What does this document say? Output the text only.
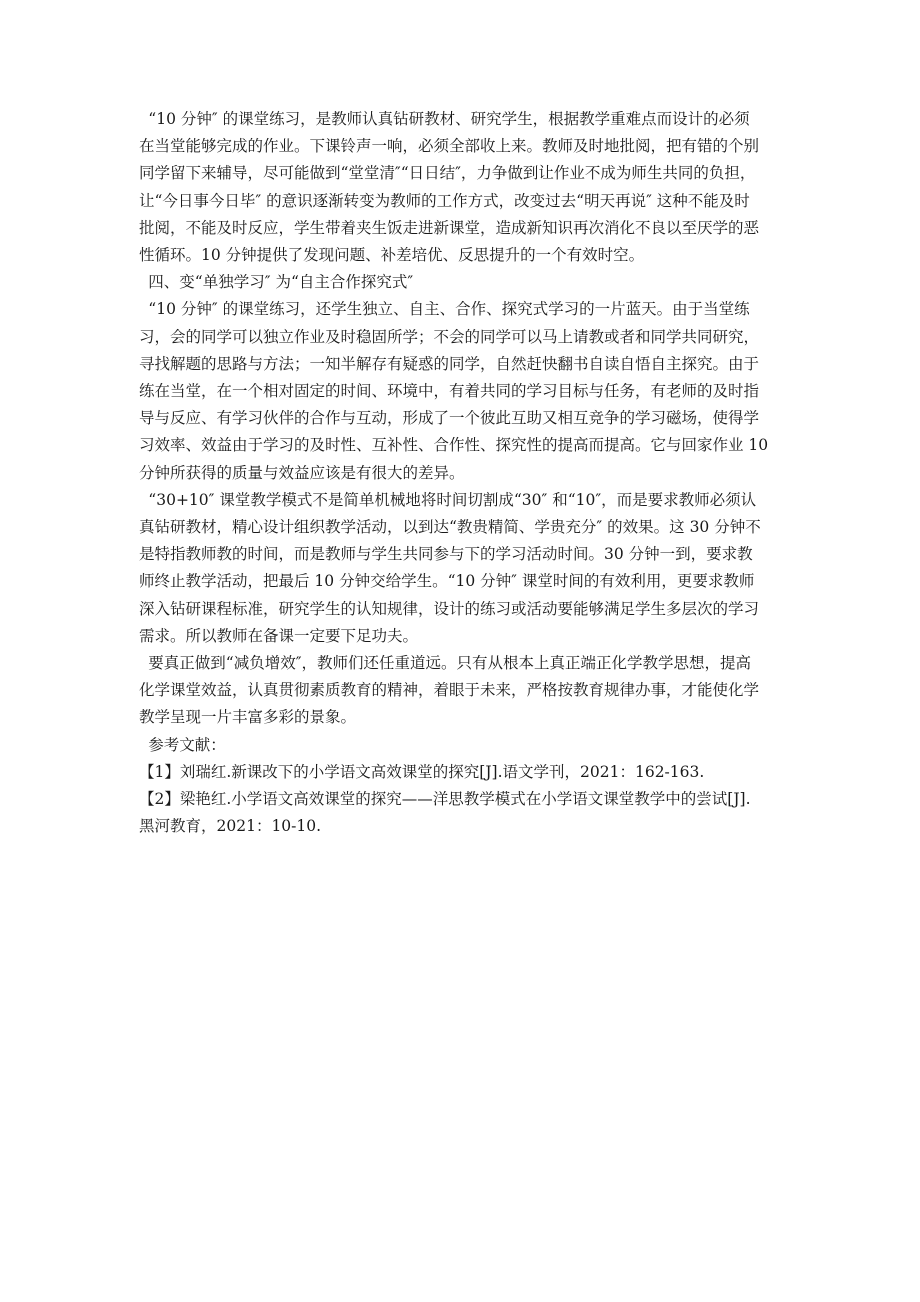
“10 分钟″ 的课堂练习，是教师认真钻研教材、研究学生，根据教学重难点而设计的必须
在当堂能够完成的作业。下课铃声一响，必须全部收上来。教师及时地批阅，把有错的个别
同学留下来辅导，尽可能做到“堂堂清″“日日结″，力争做到让作业不成为师生共同的负担，
让“今日事今日毕″ 的意识逐渐转变为教师的工作方式，改变过去“明天再说″ 这种不能及时
批阅，不能及时反应，学生带着夹生饭走进新课堂，造成新知识再次消化不良以至厌学的恶
性循环。10 分钟提供了发现问题、补差培优、反思提升的一个有效时空。

四、变“单独学习″ 为“自主合作探究式″

“10 分钟″ 的课堂练习，还学生独立、自主、合作、探究式学习的一片蓝天。由于当堂练
习，会的同学可以独立作业及时稳固所学；不会的同学可以马上请教或者和同学共同研究，
寻找解题的思路与方法；一知半解存有疑惑的同学，自然赶快翻书自读自悟自主探究。由于
练在当堂，在一个相对固定的时间、环境中，有着共同的学习目标与任务，有老师的及时指
导与反应、有学习伙伴的合作与互动，形成了一个彼此互助又相互竞争的学习磁场，使得学
习效率、效益由于学习的及时性、互补性、合作性、探究性的提高而提高。它与回家作业 10
分钟所获得的质量与效益应该是有很大的差异。

“30+10″ 课堂教学模式不是简单机械地将时间切割成“30″ 和“10″，而是要求教师必须认
真钻研教材，精心设计组织教学活动，以到达“教贵精简、学贵充分″ 的效果。这 30 分钟不
是特指教师教的时间，而是教师与学生共同参与下的学习活动时间。30 分钟一到，要求教
师终止教学活动，把最后 10 分钟交给学生。“10 分钟″ 课堂时间的有效利用，更要求教师
深入钻研课程标准，研究学生的认知规律，设计的练习或活动要能够满足学生多层次的学习
需求。所以教师在备课一定要下足功夫。

要真正做到“减负增效″，教师们还任重道远。只有从根本上真正端正化学教学思想，提高
化学课堂效益，认真贯彻素质教育的精神，着眼于未来，严格按教育规律办事，才能使化学
教学呈现一片丰富多彩的景象。

参考文献：

【1】刘瑞红.新课改下的小学语文高效课堂的探究[J].语文学刊，2021：162-163.

【2】梁艳红.小学语文高效课堂的探究——洋思教学模式在小学语文课堂教学中的尝试[J].
黑河教育，2021：10-10.
